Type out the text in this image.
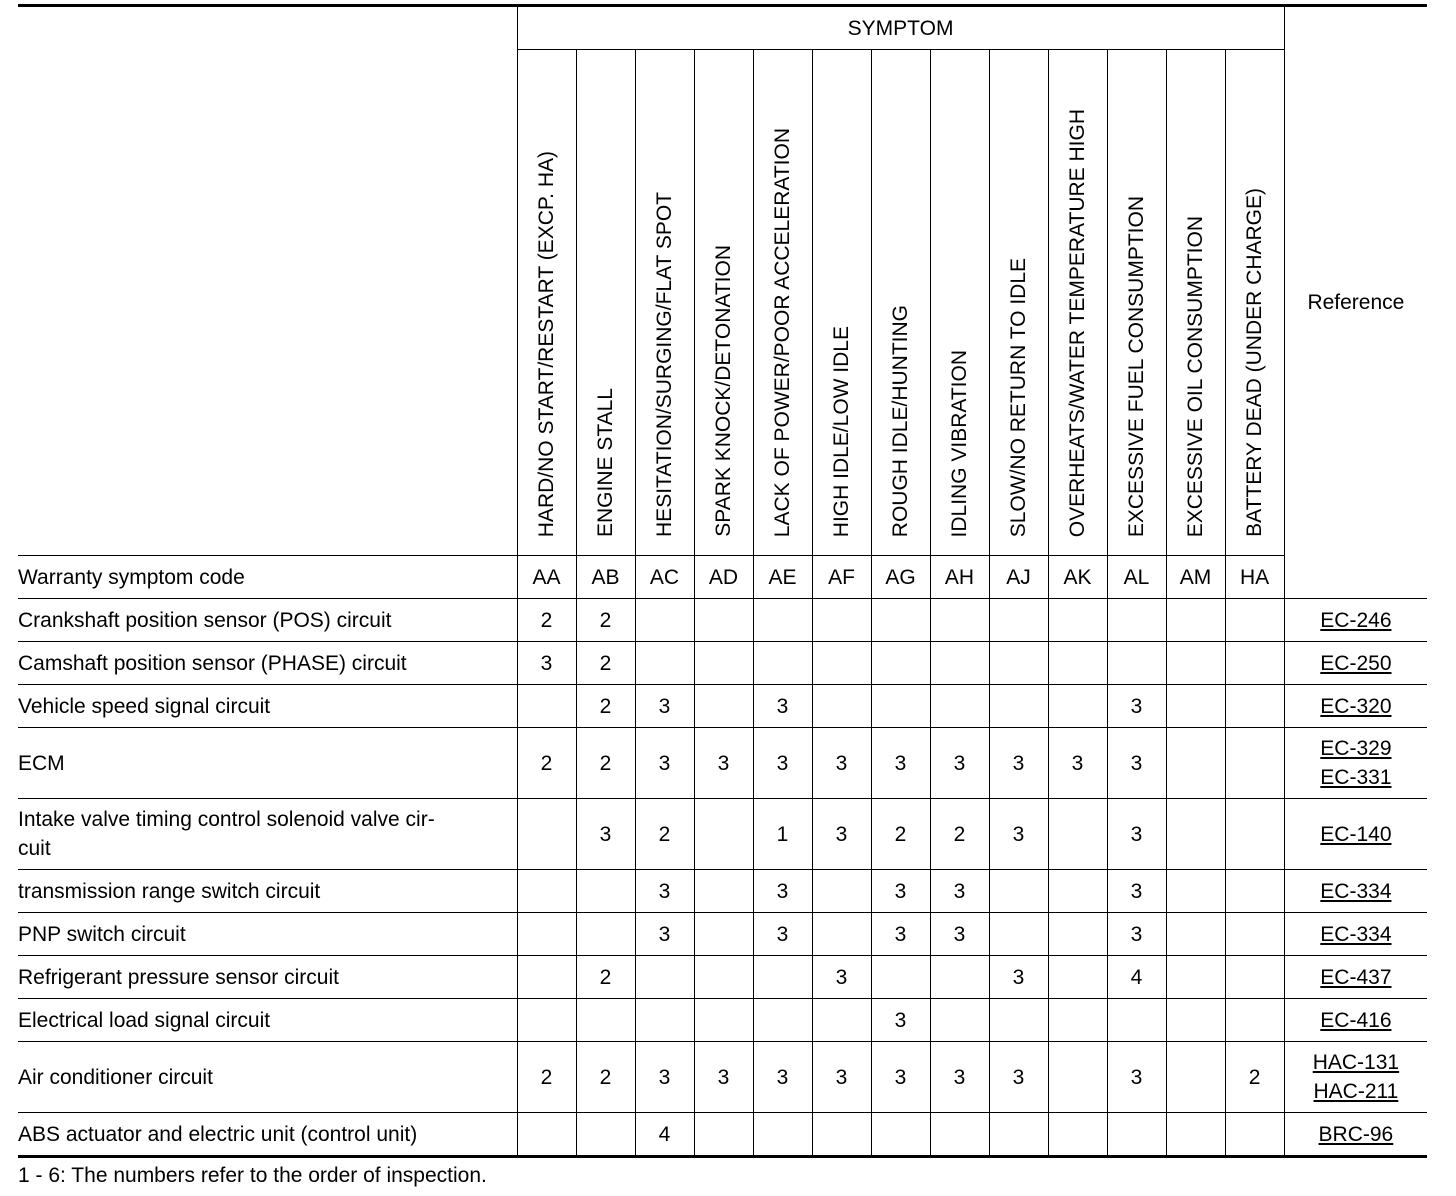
	SYMPTOM													Reference

	HARD/NO START/RESTART (EXCP. HA)	ENGINE STALL	HESITATION/SURGING/FLAT SPOT	SPARK KNOCK/DETONATION	LACK OF POWER/POOR ACCELERATION	HIGH IDLE/LOW IDLE	ROUGH IDLE/HUNTING	IDLING VIBRATION	SLOW/NO RETURN TO IDLE	OVERHEATS/WATER TEMPERATURE HIGH	EXCESSIVE FUEL CONSUMPTION	EXCESSIVE OIL CONSUMPTION	BATTERY DEAD (UNDER CHARGE)	

Warranty symptom code	AA	AB	AC	AD	AE	AF	AG	AH	AJ	AK	AL	AM	HA	
Crankshaft position sensor (POS) circuit	2	2												EC-246

Camshaft position sensor (PHASE) circuit	3	2												EC-250

Vehicle speed signal circuit		2	3		3						3			EC-320

ECM	2	2	3	3	3	3	3	3	3	3	3			EC-329
EC-331

Intake valve timing control solenoid valve cir-
cuit		3	2		1	3	2	2	3		3			EC-140

transmission range switch circuit			3		3		3	3			3			EC-334

PNP switch circuit			3		3		3	3			3			EC-334

Refrigerant pressure sensor circuit		2				3			3		4			EC-437

Electrical load signal circuit							3							EC-416

Air conditioner circuit	2	2	3	3	3	3	3	3	3		3		2	HAC-131
HAC-211

ABS actuator and electric unit (control unit)			4											BRC-96
1 - 6: The numbers refer to the order of inspection.
